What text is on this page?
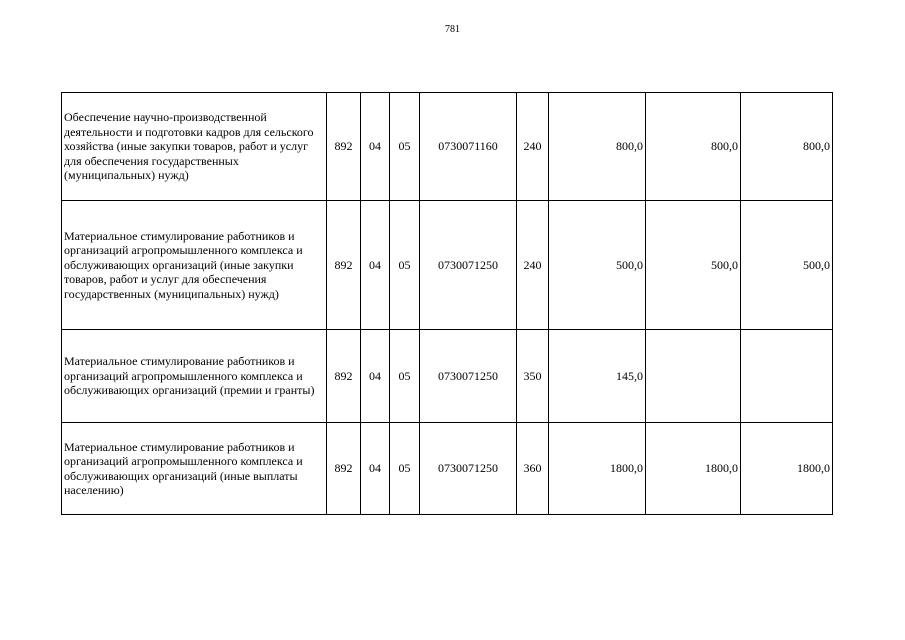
781
Обеспечение научно-производственной деятельности и подготовки кадров для сельского хозяйства (иные закупки товаров, работ и услуг для обеспечения государственных (муниципальных) нужд)	892	04	05	0730071160	240	800,0	800,0	800,0
Материальное стимулирование работников и организаций агропромышленного комплекса и обслуживающих организаций (иные закупки товаров, работ и услуг для обеспечения государственных (муниципальных) нужд)	892	04	05	0730071250	240	500,0	500,0	500,0
Материальное стимулирование работников и организаций агропромышленного комплекса и обслуживающих организаций (премии и гранты)	892	04	05	0730071250	350	145,0		
Материальное стимулирование работников и организаций агропромышленного комплекса и обслуживающих организаций (иные выплаты населению)	892	04	05	0730071250	360	1800,0	1800,0	1800,0
